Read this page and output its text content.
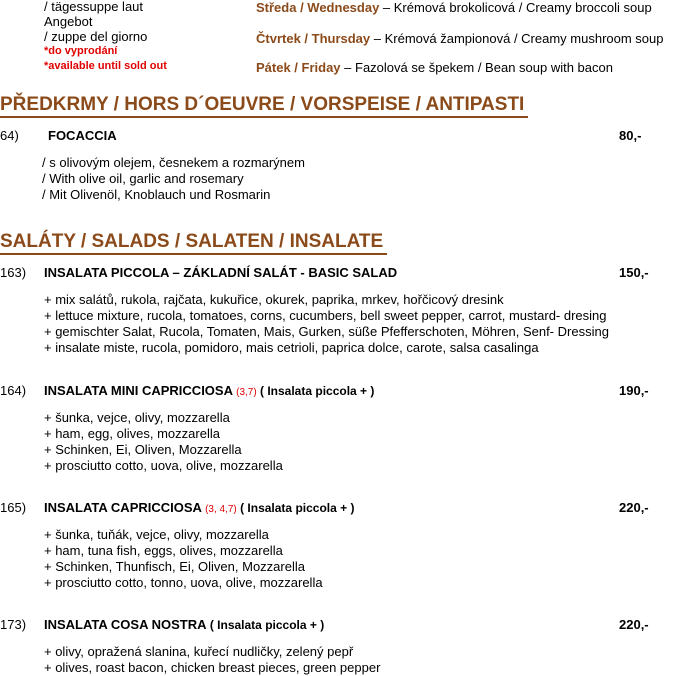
/ tägessuppe laut
Angebot
/ zuppe del giorno
*do vyprodání
*available until sold out
Středa / Wednesday – Krémová brokolicová / Creamy broccoli soup
Čtvrtek / Thursday – Krémová žampionová / Creamy mushroom soup
Pátek / Friday – Fazolová se špekem / Bean soup with bacon
PŘEDKRMY / HORS D´OEUVRE / VORSPEISE / ANTIPASTI
64) FOCACCIA	80,-
/ s olivovým olejem, česnekem a rozmarýnem
/ With olive oil, garlic and rosemary
/ Mit Olivenöl, Knoblauch und Rosmarin
SALÁTY / SALADS / SALATEN / INSALATE
163) INSALATA PICCOLA – ZÁKLADNÍ SALÁT - BASIC SALAD	150,-
+ mix salátů, rukola, rajčata, kukuřice, okurek, paprika, mrkev, hořčicový dresink
+ lettuce mixture, rucola, tomatoes, corns, cucumbers, bell sweet pepper, carrot, mustard- dresing
+ gemischter Salat, Rucola, Tomaten, Mais, Gurken, süße Pfefferschoten, Möhren, Senf- Dressing
+ insalate miste, rucola, pomidoro, mais cetrioli, paprica dolce, carote, salsa casalinga
164) INSALATA MINI CAPRICCIOSA (3,7) ( Insalata piccola + )	190,-
+ šunka, vejce, olivy, mozzarella
+ ham, egg, olives, mozzarella
+ Schinken, Ei, Oliven, Mozzarella
+ prosciutto cotto, uova, olive, mozzarella
165) INSALATA CAPRICCIOSA (3, 4,7) ( Insalata piccola + )	220,-
+ šunka, tuňák, vejce, olivy, mozzarella
+ ham, tuna fish, eggs, olives, mozzarella
+ Schinken, Thunfisch, Ei, Oliven, Mozzarella
+ prosciutto cotto, tonno, uova, olive, mozzarella
173) INSALATA COSA NOSTRA ( Insalata piccola + )	220,-
+ olivy, opražená slanina, kuřecí nudličky, zelený pepř
+ olives, roast bacon, chicken breast pieces, green pepper
